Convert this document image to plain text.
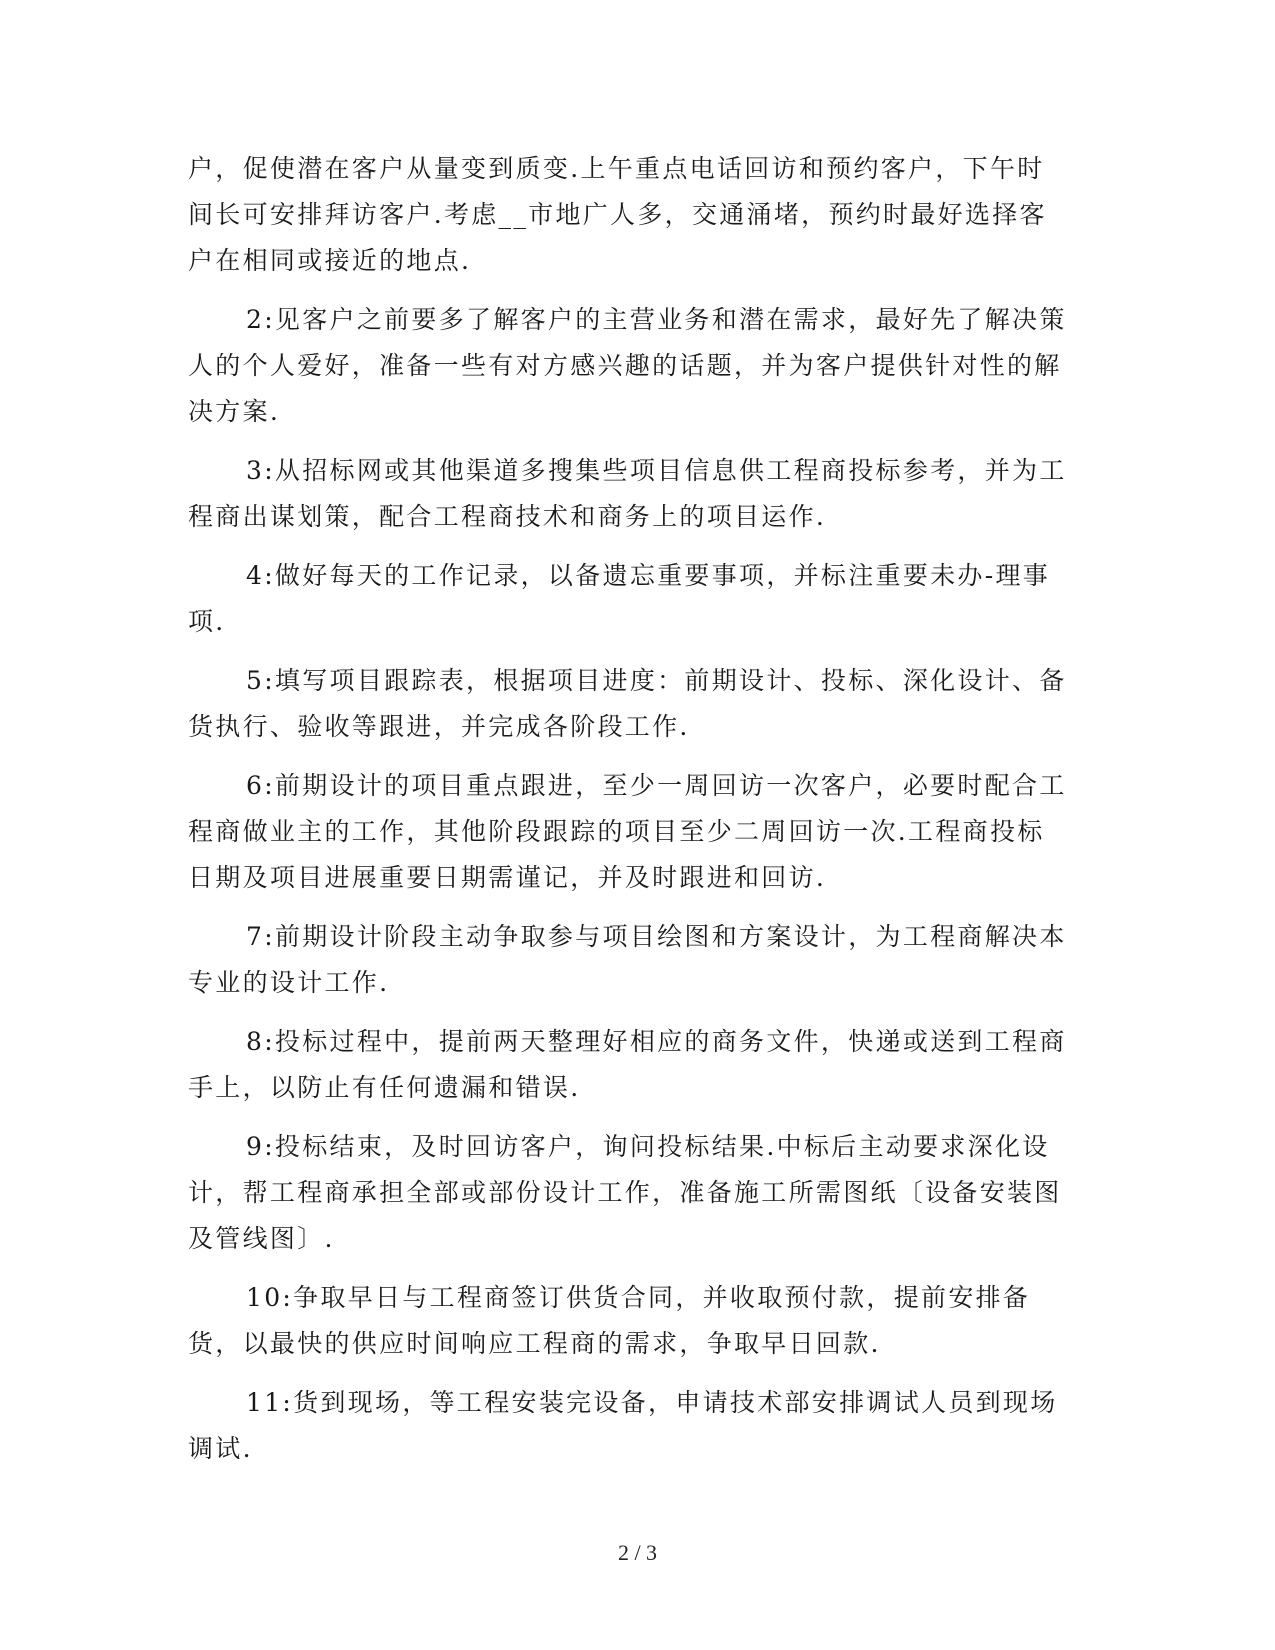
户，促使潜在客户从量变到质变.上午重点电话回访和预约客户，下午时间长可安排拜访客户.考虑__市地广人多，交通涌堵，预约时最好选择客户在相同或接近的地点.

2:见客户之前要多了解客户的主营业务和潜在需求，最好先了解决策人的个人爱好，准备一些有对方感兴趣的话题，并为客户提供针对性的解决方案.

3:从招标网或其他渠道多搜集些项目信息供工程商投标参考，并为工程商出谋划策，配合工程商技术和商务上的项目运作.

4:做好每天的工作记录，以备遗忘重要事项，并标注重要未办-理事项.

5:填写项目跟踪表，根据项目进度：前期设计、投标、深化设计、备货执行、验收等跟进，并完成各阶段工作.

6:前期设计的项目重点跟进，至少一周回访一次客户，必要时配合工程商做业主的工作，其他阶段跟踪的项目至少二周回访一次.工程商投标日期及项目进展重要日期需谨记，并及时跟进和回访.

7:前期设计阶段主动争取参与项目绘图和方案设计，为工程商解决本专业的设计工作.

8:投标过程中，提前两天整理好相应的商务文件，快递或送到工程商手上，以防止有任何遗漏和错误.

9:投标结束，及时回访客户，询问投标结果.中标后主动要求深化设计，帮工程商承担全部或部份设计工作，准备施工所需图纸〔设备安装图及管线图〕.

10:争取早日与工程商签订供货合同，并收取预付款，提前安排备货，以最快的供应时间响应工程商的需求，争取早日回款.

11:货到现场，等工程安装完设备，申请技术部安排调试人员到现场调试.

2 / 3
